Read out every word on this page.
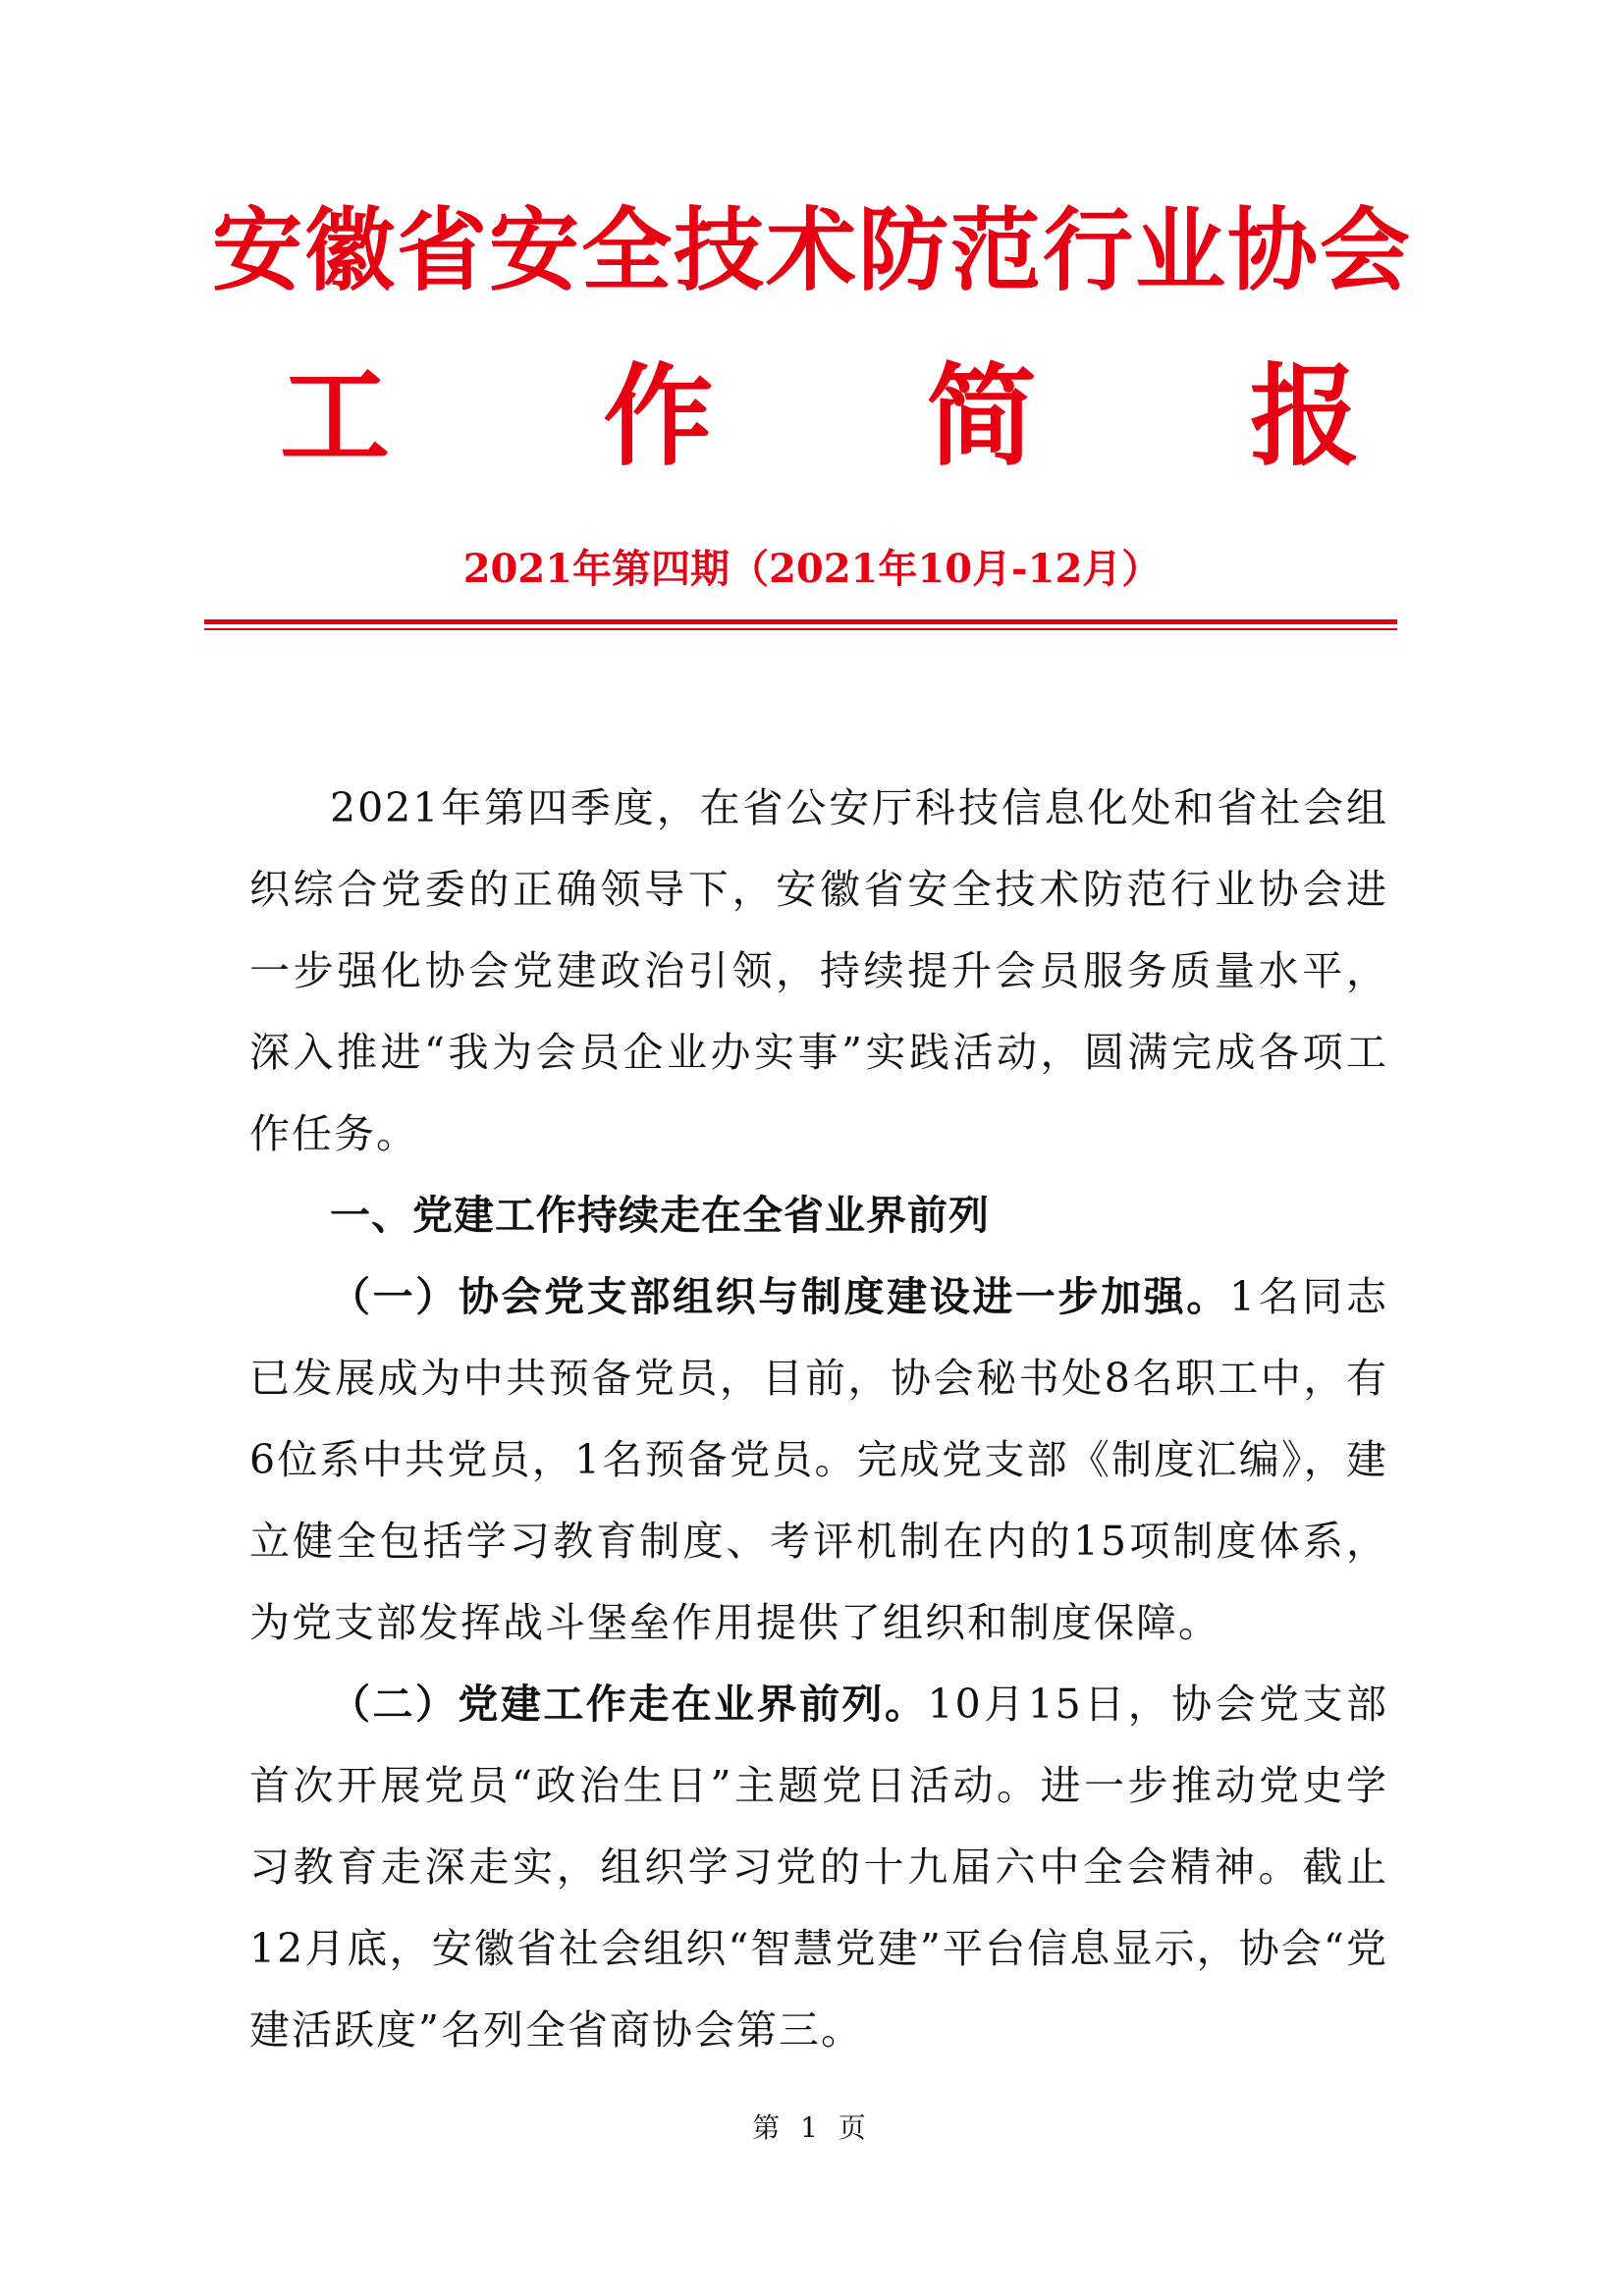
安徽省安全技术防范行业协会
工 作 简 报
2021年第四期（2021年10月-12月）

2021年第四季度，在省公安厅科技信息化处和省社会组织综合党委的正确领导下，安徽省安全技术防范行业协会进一步强化协会党建政治引领，持续提升会员服务质量水平，深入推进“我为会员企业办实事”实践活动，圆满完成各项工作任务。

一、党建工作持续走在全省业界前列

（一）协会党支部组织与制度建设进一步加强。1名同志已发展成为中共预备党员，目前，协会秘书处8名职工中，有6位系中共党员，1名预备党员。完成党支部《制度汇编》，建立健全包括学习教育制度、考评机制在内的15项制度体系，为党支部发挥战斗堡垒作用提供了组织和制度保障。

（二）党建工作走在业界前列。10月15日，协会党支部首次开展党员“政治生日”主题党日活动。进一步推动党史学习教育走深走实，组织学习党的十九届六中全会精神。截止12月底，安徽省社会组织“智慧党建”平台信息显示，协会“党建活跃度”名列全省商协会第三。

第 1 页
